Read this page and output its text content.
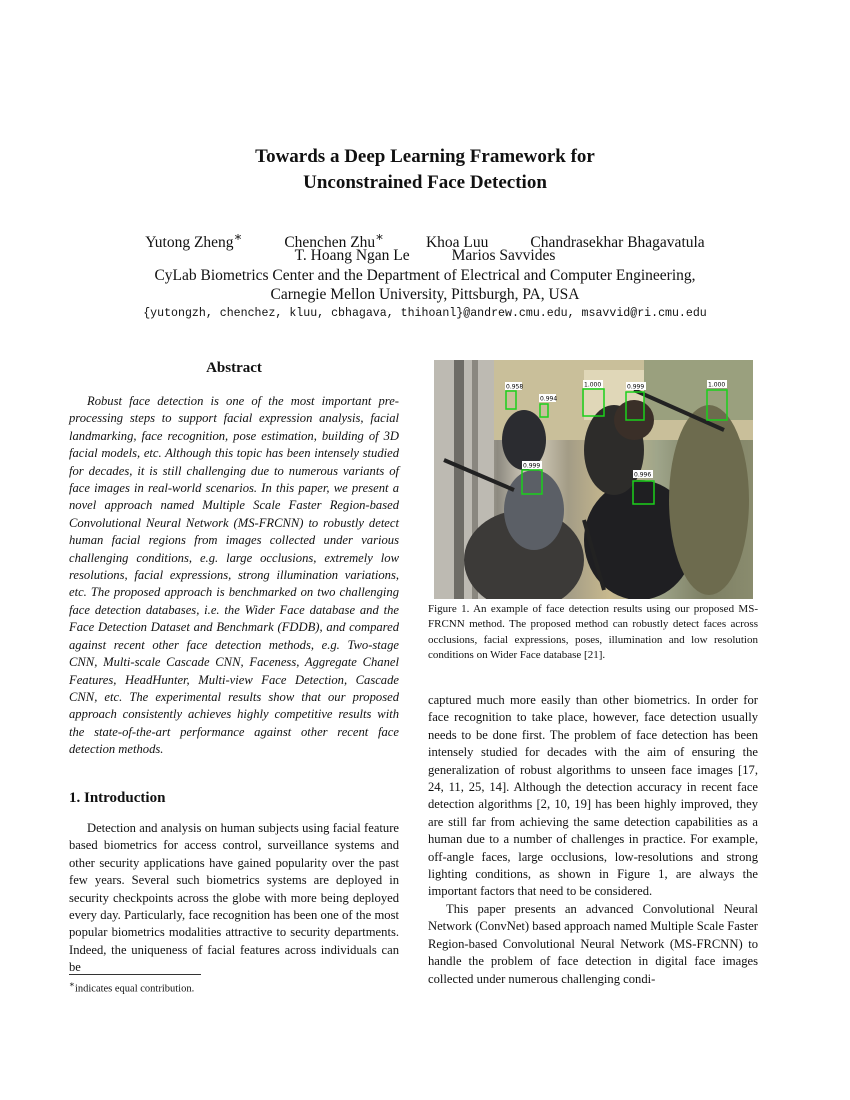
Towards a Deep Learning Framework for
Unconstrained Face Detection
Yutong Zheng∗	Chenchen Zhu∗	Khoa Luu	Chandrasekhar Bhagavatula
T. Hoang Ngan Le	Marios Savvides
CyLab Biometrics Center and the Department of Electrical and Computer Engineering,
Carnegie Mellon University, Pittsburgh, PA, USA
{yutongzh, chenchez, kluu, cbhagava, thihoanl}@andrew.cmu.edu, msavvid@ri.cmu.edu
Abstract

Robust face detection is one of the most important pre-processing steps to support facial expression analysis, facial landmarking, face recognition, pose estimation, building of 3D facial models, etc. Although this topic has been intensely studied for decades, it is still challenging due to numerous variants of face images in real-world scenarios. In this paper, we present a novel approach named Multiple Scale Faster Region-based Convolutional Neural Network (MS-FRCNN) to robustly detect human facial regions from images collected under various challenging conditions, e.g. large occlusions, extremely low resolutions, facial expressions, strong illumination variations, etc. The proposed approach is benchmarked on two challenging face detection databases, i.e. the Wider Face database and the Face Detection Dataset and Benchmark (FDDB), and compared against recent other face detection methods, e.g. Two-stage CNN, Multi-scale Cascade CNN, Faceness, Aggregate Chanel Features, HeadHunter, Multi-view Face Detection, Cascade CNN, etc. The experimental results show that our proposed approach consistently achieves highly competitive results with the state-of-the-art performance against other recent face detection methods.

1. Introduction

Detection and analysis on human subjects using facial feature based biometrics for access control, surveillance systems and other security applications have gained popularity over the past few years. Several such biometrics systems are deployed in security checkpoints across the globe with more being deployed every day. Particularly, face recognition has been one of the most popular biometrics modalities attractive to security departments. Indeed, the uniqueness of facial features across individuals can be

∗indicates equal contribution.
0.958
0.994
1.000	0.999	1.000
0.999
0.996
Figure 1. An example of face detection results using our proposed MS-FRCNN method. The proposed method can robustly detect faces across occlusions, facial expressions, poses, illumination and low resolution conditions on Wider Face database [21].

captured much more easily than other biometrics. In order for face recognition to take place, however, face detection usually needs to be done first. The problem of face detection has been intensely studied for decades with the aim of ensuring the generalization of robust algorithms to unseen face images [17, 24, 11, 25, 14]. Although the detection accuracy in recent face detection algorithms [2, 10, 19] has been highly improved, they are still far from achieving the same detection capabilities as a human due to a number of challenges in practice. For example, off-angle faces, large occlusions, low-resolutions and strong lighting conditions, as shown in Figure 1, are always the important factors that need to be considered.

This paper presents an advanced Convolutional Neural Network (ConvNet) based approach named Multiple Scale Faster Region-based Convolutional Neural Network (MS-FRCNN) to handle the problem of face detection in digital face images collected under numerous challenging condi-
